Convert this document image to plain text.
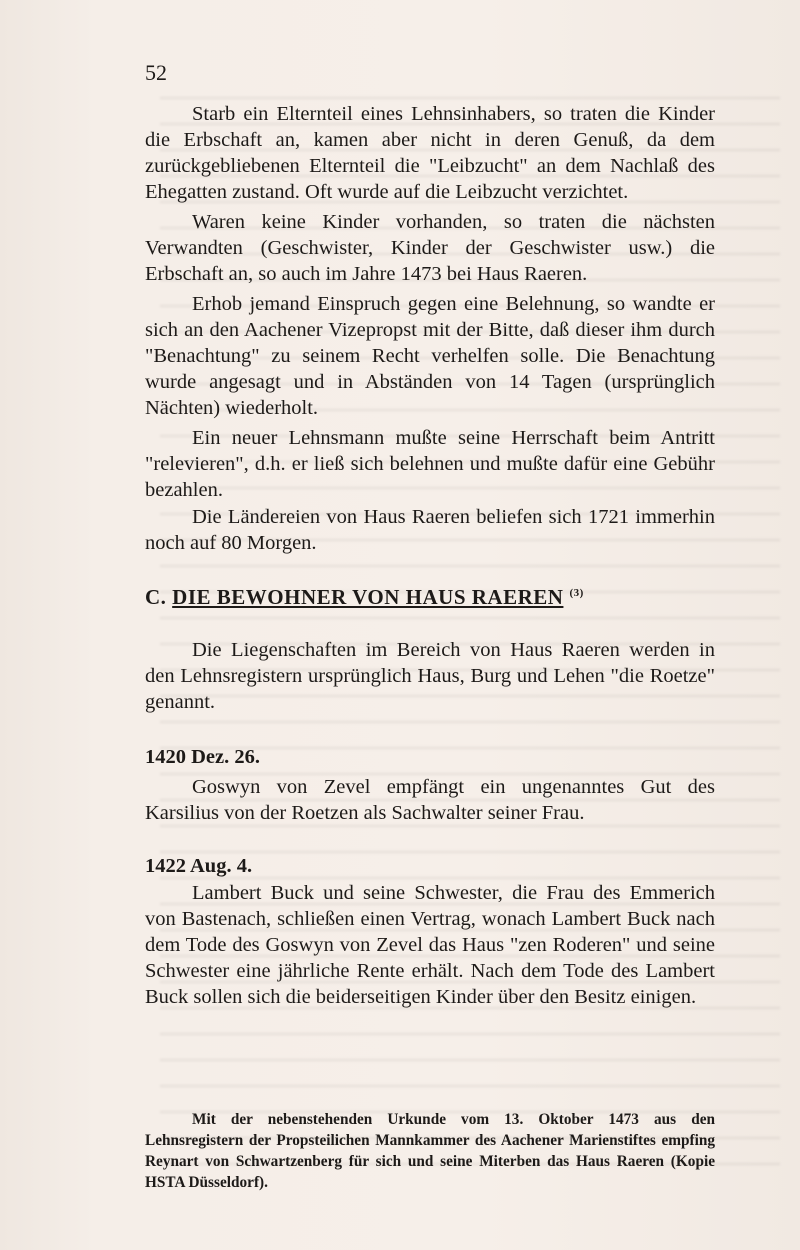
52

Starb ein Elternteil eines Lehnsinhabers, so traten die Kinder die Erbschaft an, kamen aber nicht in deren Genuß, da dem zurückgebliebenen Elternteil die "Leibzucht" an dem Nachlaß des Ehegatten zustand. Oft wurde auf die Leibzucht verzichtet.

Waren keine Kinder vorhanden, so traten die nächsten Verwandten (Geschwister, Kinder der Geschwister usw.) die Erbschaft an, so auch im Jahre 1473 bei Haus Raeren.

Erhob jemand Einspruch gegen eine Belehnung, so wandte er sich an den Aachener Vizepropst mit der Bitte, daß dieser ihm durch "Benachtung" zu seinem Recht verhelfen solle. Die Benachtung wurde angesagt und in Abständen von 14 Tagen (ursprünglich Nächten) wiederholt.

Ein neuer Lehnsmann mußte seine Herrschaft beim Antritt "relevieren", d.h. er ließ sich belehnen und mußte dafür eine Gebühr bezahlen.

Die Ländereien von Haus Raeren beliefen sich 1721 immerhin noch auf 80 Morgen.

C. DIE BEWOHNER VON HAUS RAEREN $^{(3)}$

Die Liegenschaften im Bereich von Haus Raeren werden in den Lehnsregistern ursprünglich Haus, Burg und Lehen "die Roetze" genannt.

1420 Dez. 26.

Goswyn von Zevel empfängt ein ungenanntes Gut des Karsilius von der Roetzen als Sachwalter seiner Frau.

1422 Aug. 4.

Lambert Buck und seine Schwester, die Frau des Emmerich von Bastenach, schließen einen Vertrag, wonach Lambert Buck nach dem Tode des Goswyn von Zevel das Haus "zen Roderen" und seine Schwester eine jährliche Rente erhält. Nach dem Tode des Lambert Buck sollen sich die beiderseitigen Kinder über den Besitz einigen.

Mit der nebenstehenden Urkunde vom 13. Oktober 1473 aus den Lehnsregistern der Propsteilichen Mannkammer des Aachener Marienstiftes empfing Reynart von Schwartzenberg für sich und seine Miterben das Haus Raeren (Kopie HSTA Düsseldorf).
